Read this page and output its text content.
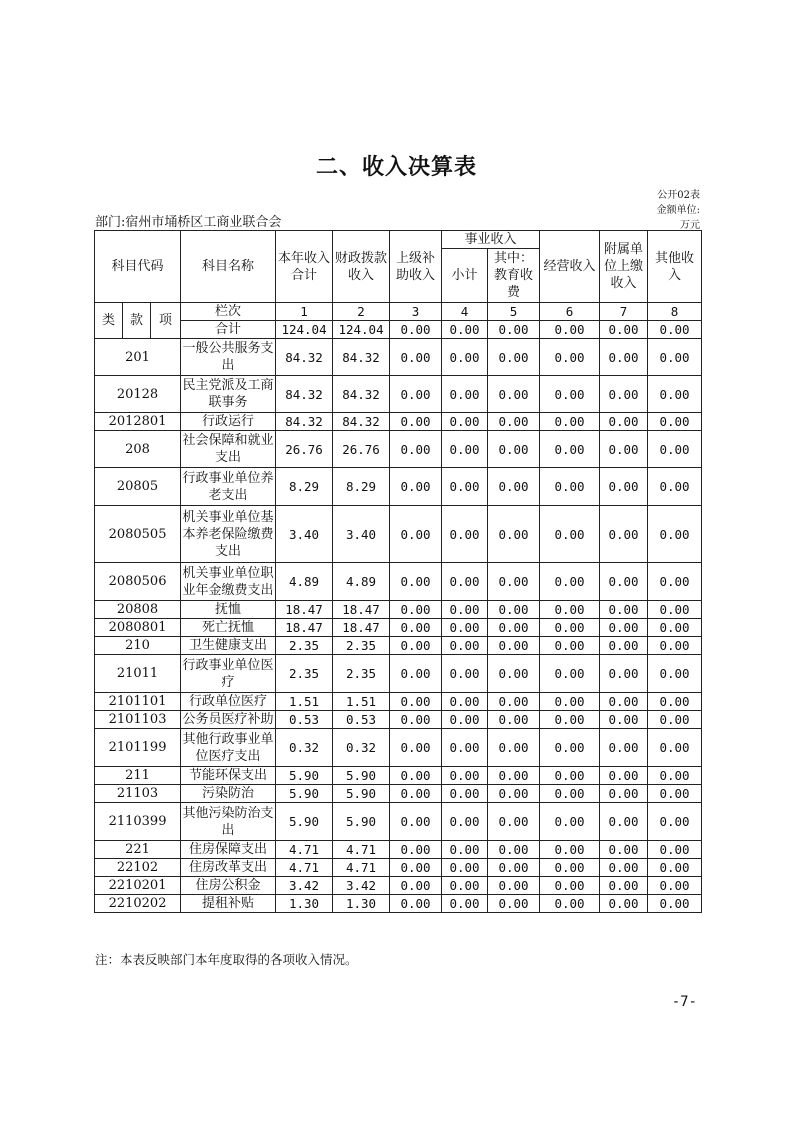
二、收入决算表
公开02表
金额单位:
万元
部门:宿州市埇桥区工商业联合会
科目代码			科目名称	本年收入合计	财政拨款收入	上级补助收入	事业收入		经营收入	附属单位上缴收入	其他收入
							小计	其中：教育收费			
类	款	项	栏次	1	2	3	4	5	6	7	8
			合计	124.04	124.04	0.00	0.00	0.00	0.00	0.00	0.00
201			一般公共服务支出	84.32	84.32	0.00	0.00	0.00	0.00	0.00	0.00
20128			民主党派及工商联事务	84.32	84.32	0.00	0.00	0.00	0.00	0.00	0.00
2012801			行政运行	84.32	84.32	0.00	0.00	0.00	0.00	0.00	0.00
208			社会保障和就业支出	26.76	26.76	0.00	0.00	0.00	0.00	0.00	0.00
20805			行政事业单位养老支出	8.29	8.29	0.00	0.00	0.00	0.00	0.00	0.00
2080505			机关事业单位基本养老保险缴费支出	3.40	3.40	0.00	0.00	0.00	0.00	0.00	0.00
2080506			机关事业单位职业年金缴费支出	4.89	4.89	0.00	0.00	0.00	0.00	0.00	0.00
20808			抚恤	18.47	18.47	0.00	0.00	0.00	0.00	0.00	0.00
2080801			死亡抚恤	18.47	18.47	0.00	0.00	0.00	0.00	0.00	0.00
210			卫生健康支出	2.35	2.35	0.00	0.00	0.00	0.00	0.00	0.00
21011			行政事业单位医疗	2.35	2.35	0.00	0.00	0.00	0.00	0.00	0.00
2101101			行政单位医疗	1.51	1.51	0.00	0.00	0.00	0.00	0.00	0.00
2101103			公务员医疗补助	0.53	0.53	0.00	0.00	0.00	0.00	0.00	0.00
2101199			其他行政事业单位医疗支出	0.32	0.32	0.00	0.00	0.00	0.00	0.00	0.00
211			节能环保支出	5.90	5.90	0.00	0.00	0.00	0.00	0.00	0.00
21103			污染防治	5.90	5.90	0.00	0.00	0.00	0.00	0.00	0.00
2110399			其他污染防治支出	5.90	5.90	0.00	0.00	0.00	0.00	0.00	0.00
221			住房保障支出	4.71	4.71	0.00	0.00	0.00	0.00	0.00	0.00
22102			住房改革支出	4.71	4.71	0.00	0.00	0.00	0.00	0.00	0.00
2210201			住房公积金	3.42	3.42	0.00	0.00	0.00	0.00	0.00	0.00
2210202			提租补贴	1.30	1.30	0.00	0.00	0.00	0.00	0.00	0.00
注：本表反映部门本年度取得的各项收入情况。
-7-
